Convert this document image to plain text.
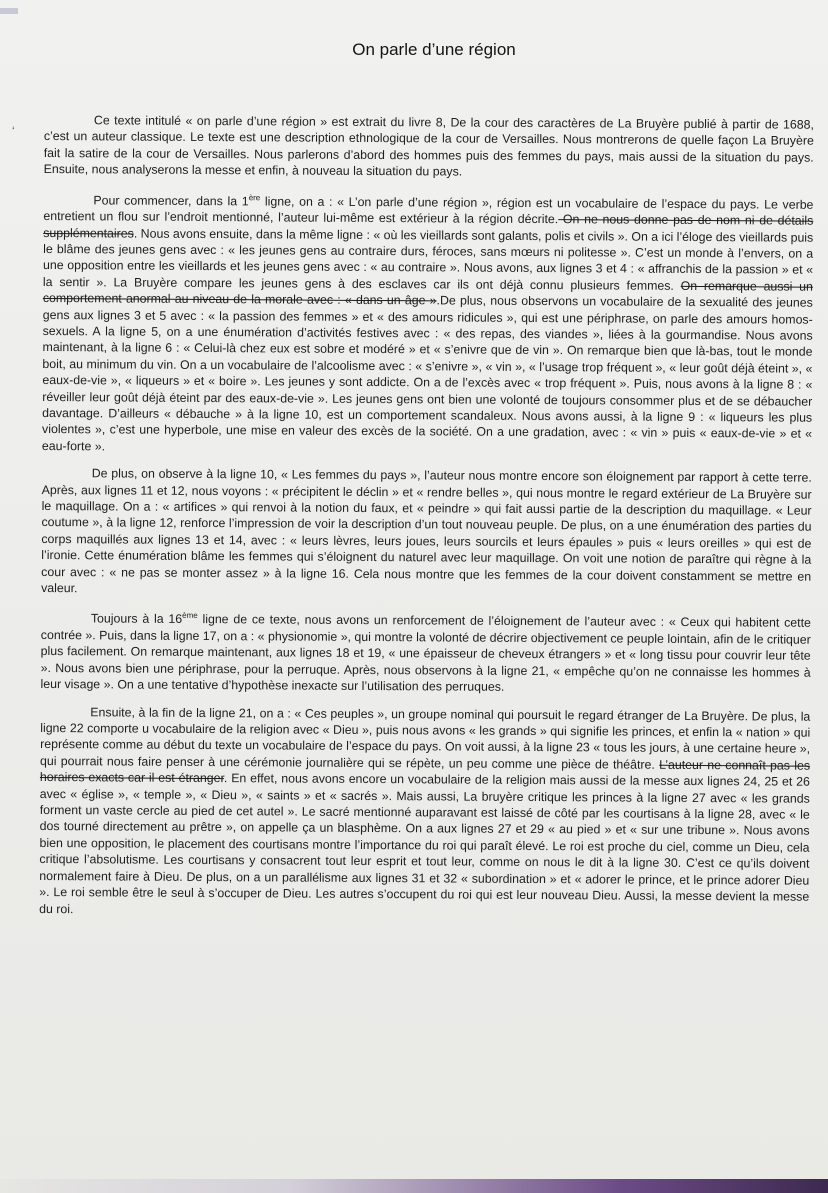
‘
On parle d’une région

Ce texte intitulé « on parle d’une région » est extrait du livre 8, De la cour des caractères de La Bruyère publié à partir de 1688, c’est un auteur classique. Le texte est une description ethnologique de la cour de Versailles. Nous montrerons de quelle façon La Bruyère fait la satire de la cour de Versailles. Nous parlerons d’abord des hommes puis des femmes du pays, mais aussi de la situation du pays. Ensuite, nous analyserons la messe et enfin, à nouveau la situation du pays.

Pour commencer, dans la 1ère ligne, on a : « L’on parle d’une région », région est un vocabulaire de l’espace du pays. Le verbe entretient un flou sur l’endroit mentionné, l’auteur lui-même est extérieur à la région décrite. On ne nous donne pas de nom ni de détails supplémentaires. Nous avons ensuite, dans la même ligne : « où les vieillards sont galants, polis et civils ». On a ici l’éloge des vieillards puis le blâme des jeunes gens avec : « les jeunes gens au contraire durs, féroces, sans mœurs ni politesse ». C’est un monde à l’envers, on a une opposition entre les vieillards et les jeunes gens avec : « au contraire ». Nous avons, aux lignes 3 et 4 : « affranchis de la passion » et « la sentir ». La Bruyère compare les jeunes gens à des esclaves car ils ont déjà connu plusieurs femmes. On remarque aussi un comportement anormal au niveau de la morale avec : « dans un âge ».De plus, nous observons un vocabulaire de la sexualité des jeunes gens aux lignes 3 et 5 avec : « la passion des femmes » et « des amours ridicules », qui est une périphrase, on parle des amours homos-sexuels. A la ligne 5, on a une énumération d’activités festives avec : « des repas, des viandes », liées à la gourmandise. Nous avons maintenant, à la ligne 6 : « Celui-là chez eux est sobre et modéré » et « s’enivre que de vin ». On remarque bien que là-bas, tout le monde boit, au minimum du vin. On a un vocabulaire de l’alcoolisme avec : « s’enivre », « vin », « l’usage trop fréquent », « leur goût déjà éteint », « eaux-de-vie », « liqueurs » et « boire ». Les jeunes y sont addicte. On a de l’excès avec « trop fréquent ». Puis, nous avons à la ligne 8 : « réveiller leur goût déjà éteint par des eaux-de-vie ». Les jeunes gens ont bien une volonté de toujours consommer plus et de se débaucher davantage. D’ailleurs « débauche » à la ligne 10, est un comportement scandaleux. Nous avons aussi, à la ligne 9 : « liqueurs les plus violentes », c’est une hyperbole, une mise en valeur des excès de la société. On a une gradation, avec : « vin » puis « eaux-de-vie » et « eau-forte ».

De plus, on observe à la ligne 10, « Les femmes du pays », l’auteur nous montre encore son éloignement par rapport à cette terre. Après, aux lignes 11 et 12, nous voyons : « précipitent le déclin » et « rendre belles », qui nous montre le regard extérieur de La Bruyère sur le maquillage. On a : « artifices » qui renvoi à la notion du faux, et « peindre » qui fait aussi partie de la description du maquillage. « Leur coutume », à la ligne 12, renforce l’impression de voir la description d’un tout nouveau peuple. De plus, on a une énumération des parties du corps maquillés aux lignes 13 et 14, avec : « leurs lèvres, leurs joues, leurs sourcils et leurs épaules » puis « leurs oreilles » qui est de l’ironie. Cette énumération blâme les femmes qui s’éloignent du naturel avec leur maquillage. On voit une notion de paraître qui règne à la cour avec : « ne pas se monter assez » à la ligne 16. Cela nous montre que les femmes de la cour doivent constamment se mettre en valeur.

Toujours à la 16ème ligne de ce texte, nous avons un renforcement de l’éloignement de l’auteur avec : « Ceux qui habitent cette contrée ». Puis, dans la ligne 17, on a : « physionomie », qui montre la volonté de décrire objectivement ce peuple lointain, afin de le critiquer plus facilement. On remarque maintenant, aux lignes 18 et 19, « une épaisseur de cheveux étrangers » et « long tissu pour couvrir leur tête ». Nous avons bien une périphrase, pour la perruque. Après, nous observons à la ligne 21, « empêche qu’on ne connaisse les hommes à leur visage ». On a une tentative d’hypothèse inexacte sur l’utilisation des perruques.

Ensuite, à la fin de la ligne 21, on a : « Ces peuples », un groupe nominal qui poursuit le regard étranger de La Bruyère. De plus, la ligne 22 comporte u vocabulaire de la religion avec « Dieu », puis nous avons « les grands » qui signifie les princes, et enfin la « nation » qui représente comme au début du texte un vocabulaire de l’espace du pays. On voit aussi, à la ligne 23 « tous les jours, à une certaine heure », qui pourrait nous faire penser à une cérémonie journalière qui se répète, un peu comme une pièce de théâtre. L’auteur ne connaît pas les horaires exacts car il est étranger. En effet, nous avons encore un vocabulaire de la religion mais aussi de la messe aux lignes 24, 25 et 26 avec « église », « temple », « Dieu », « saints » et « sacrés ». Mais aussi, La bruyère critique les princes à la ligne 27 avec « les grands forment un vaste cercle au pied de cet autel ». Le sacré mentionné auparavant est laissé de côté par les courtisans à la ligne 28, avec « le dos tourné directement au prêtre », on appelle ça un blasphème. On a aux lignes 27 et 29 « au pied » et « sur une tribune ». Nous avons bien une opposition, le placement des courtisans montre l’importance du roi qui paraît élevé. Le roi est proche du ciel, comme un Dieu, cela critique l’absolutisme. Les courtisans y consacrent tout leur esprit et tout leur, comme on nous le dit à la ligne 30. C’est ce qu’ils doivent normalement faire à Dieu. De plus, on a un parallélisme aux lignes 31 et 32 « subordination » et « adorer le prince, et le prince adorer Dieu ». Le roi semble être le seul à s’occuper de Dieu. Les autres s’occupent du roi qui est leur nouveau Dieu. Aussi, la messe devient la messe du roi.
